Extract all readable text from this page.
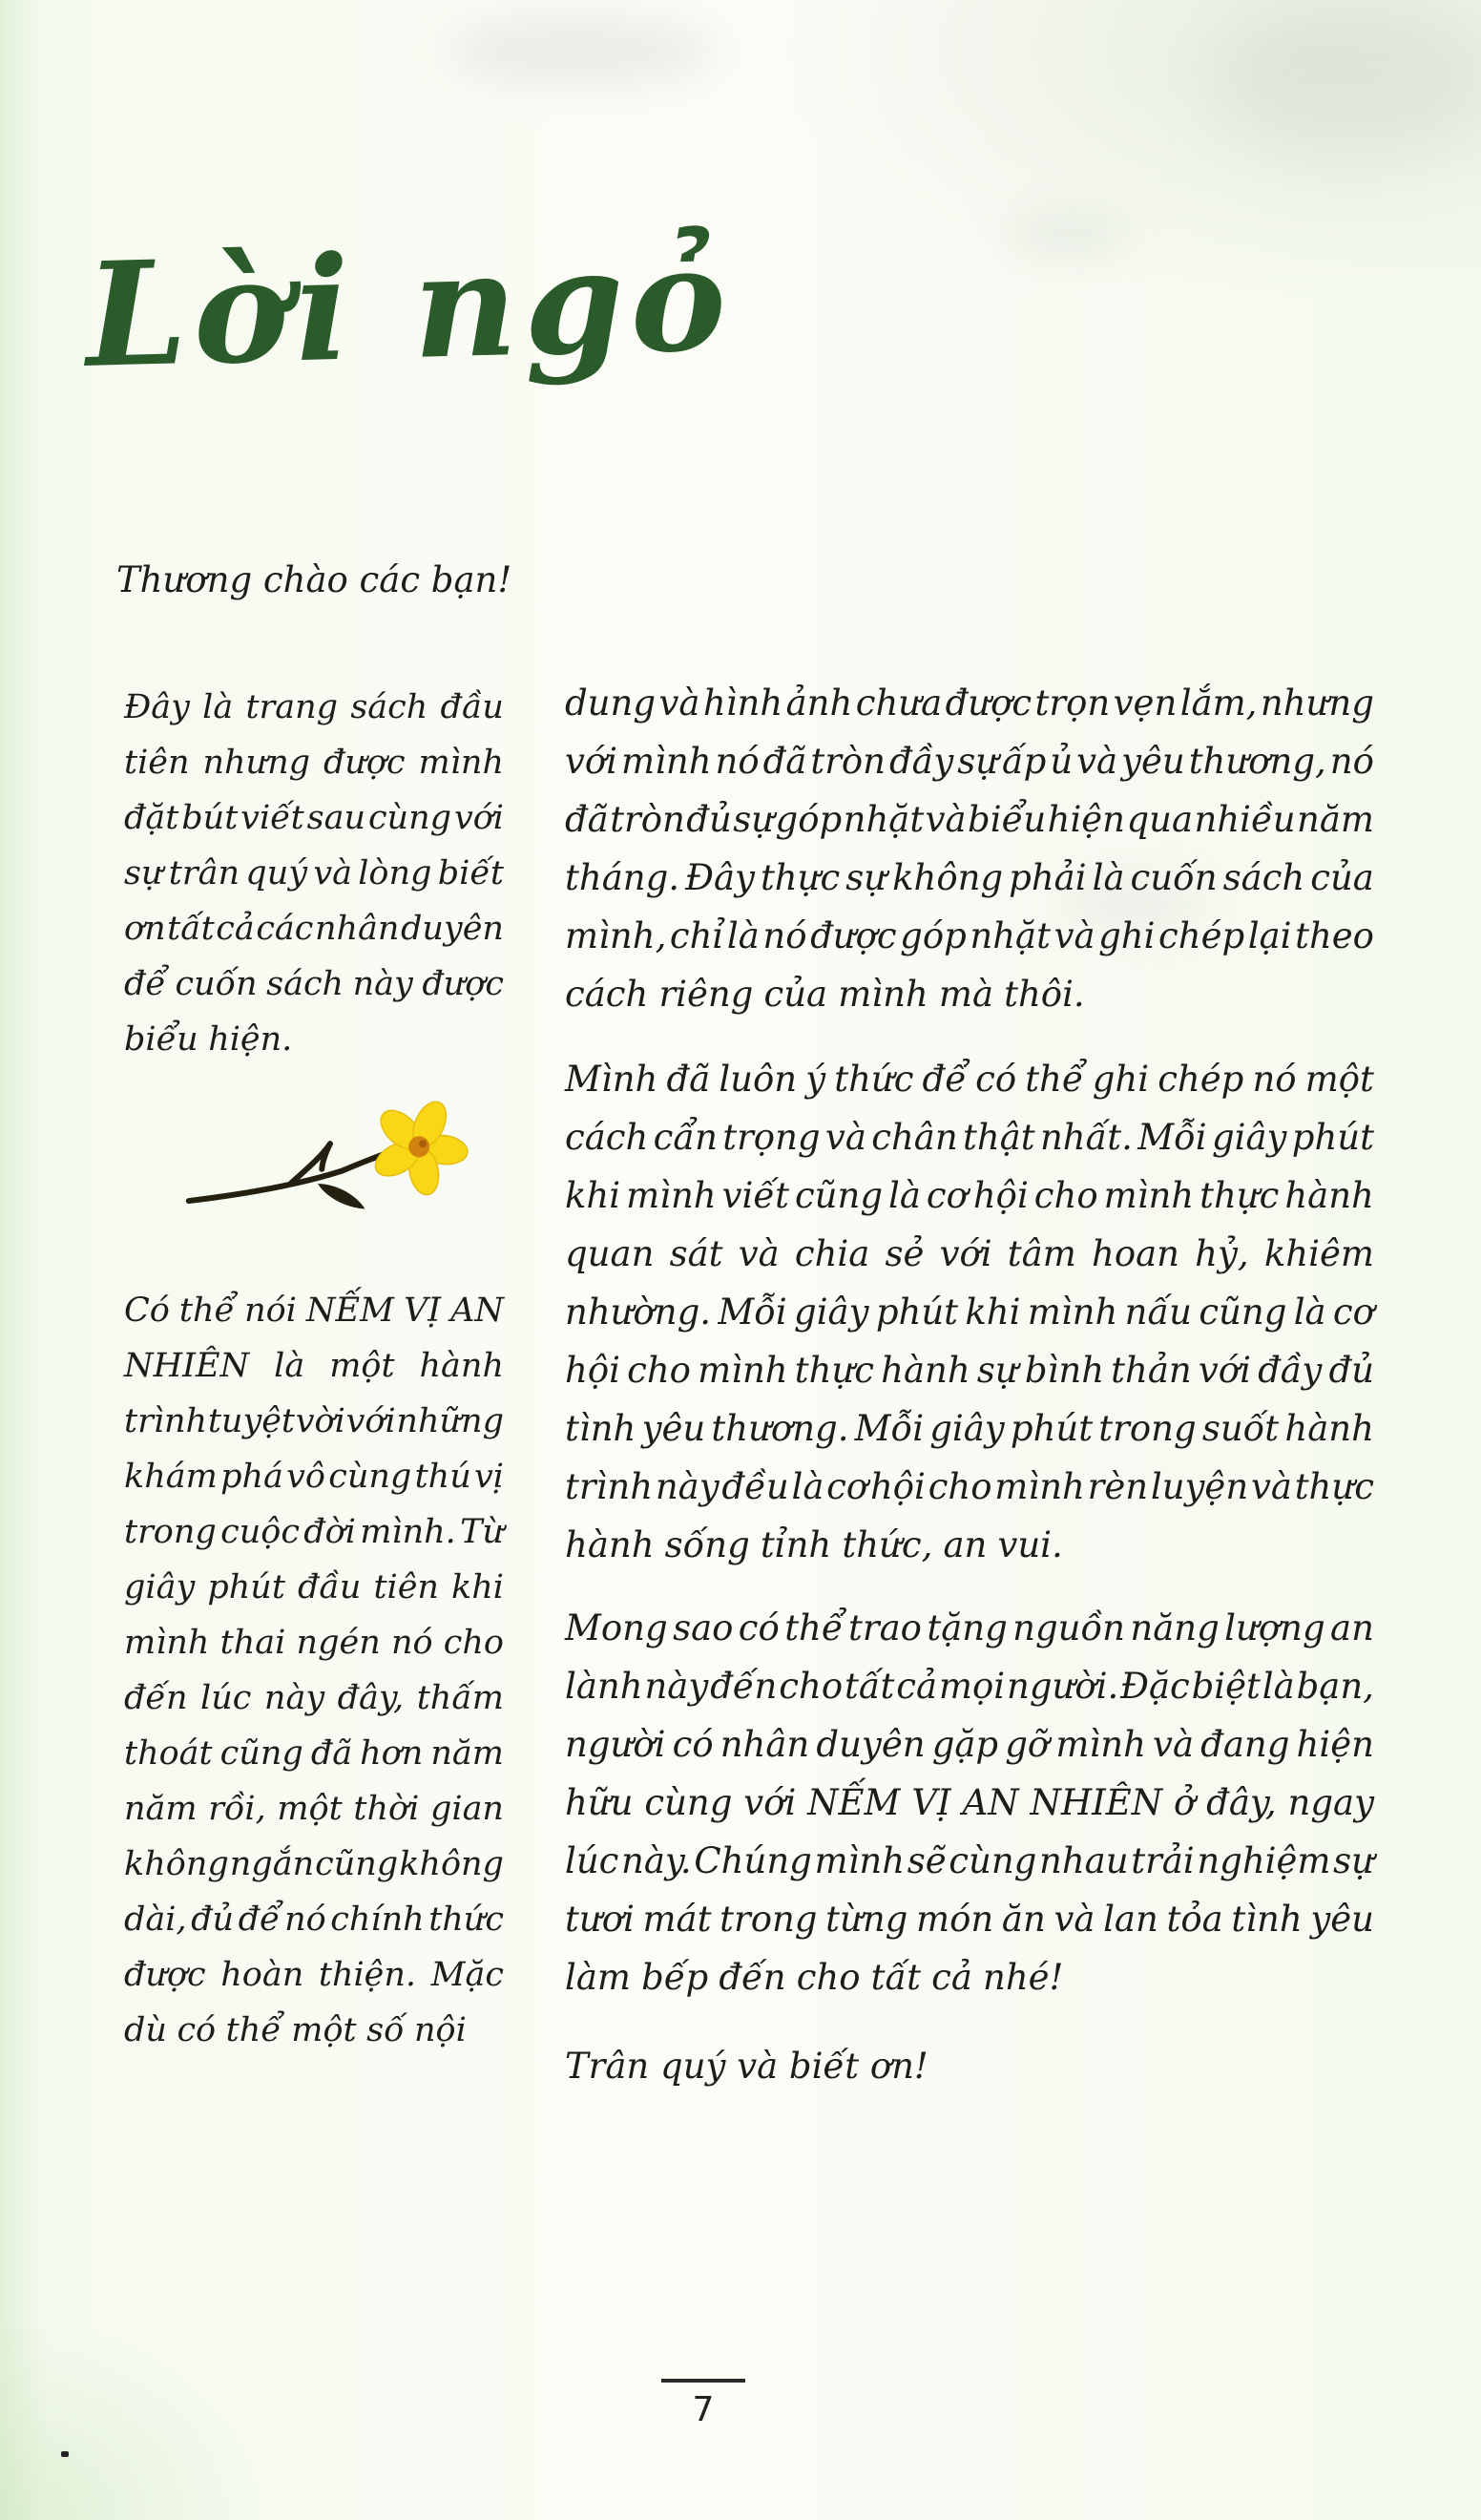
Lời ngỏ
Thương chào các bạn!
Đây là trang sách đầu
tiên nhưng được mình
đặt bút viết sau cùng với
sự trân quý và lòng biết
ơn tất cả các nhân duyên
để cuốn sách này được
biểu hiện.
Có thể nói NẾM VỊ AN
NHIÊN là một hành
trình tuyệt vời với những
khám phá vô cùng thú vị
trong cuộc đời mình. Từ
giây phút đầu tiên khi
mình thai ngén nó cho
đến lúc này đây, thấm
thoát cũng đã hơn năm
năm rồi, một thời gian
không ngắn cũng không
dài, đủ để nó chính thức
được hoàn thiện. Mặc
dù có thể một số nội
dung và hình ảnh chưa được trọn vẹn lắm, nhưng
với mình nó đã tròn đầy sự ấp ủ và yêu thương, nó
đã tròn đủ sự góp nhặt và biểu hiện qua nhiều năm
tháng. Đây thực sự không phải là cuốn sách của
mình, chỉ là nó được góp nhặt và ghi chép lại theo
cách riêng của mình mà thôi.
Mình đã luôn ý thức để có thể ghi chép nó một
cách cẩn trọng và chân thật nhất. Mỗi giây phút
khi mình viết cũng là cơ hội cho mình thực hành
quan sát và chia sẻ với tâm hoan hỷ, khiêm
nhường. Mỗi giây phút khi mình nấu cũng là cơ
hội cho mình thực hành sự bình thản với đầy đủ
tình yêu thương. Mỗi giây phút trong suốt hành
trình này đều là cơ hội cho mình rèn luyện và thực
hành sống tỉnh thức, an vui.
Mong sao có thể trao tặng nguồn năng lượng an
lành này đến cho tất cả mọi người. Đặc biệt là bạn,
người có nhân duyên gặp gỡ mình và đang hiện
hữu cùng với NẾM VỊ AN NHIÊN ở đây, ngay
lúc này. Chúng mình sẽ cùng nhau trải nghiệm sự
tươi mát trong từng món ăn và lan tỏa tình yêu
làm bếp đến cho tất cả nhé!
Trân quý và biết ơn!
7
